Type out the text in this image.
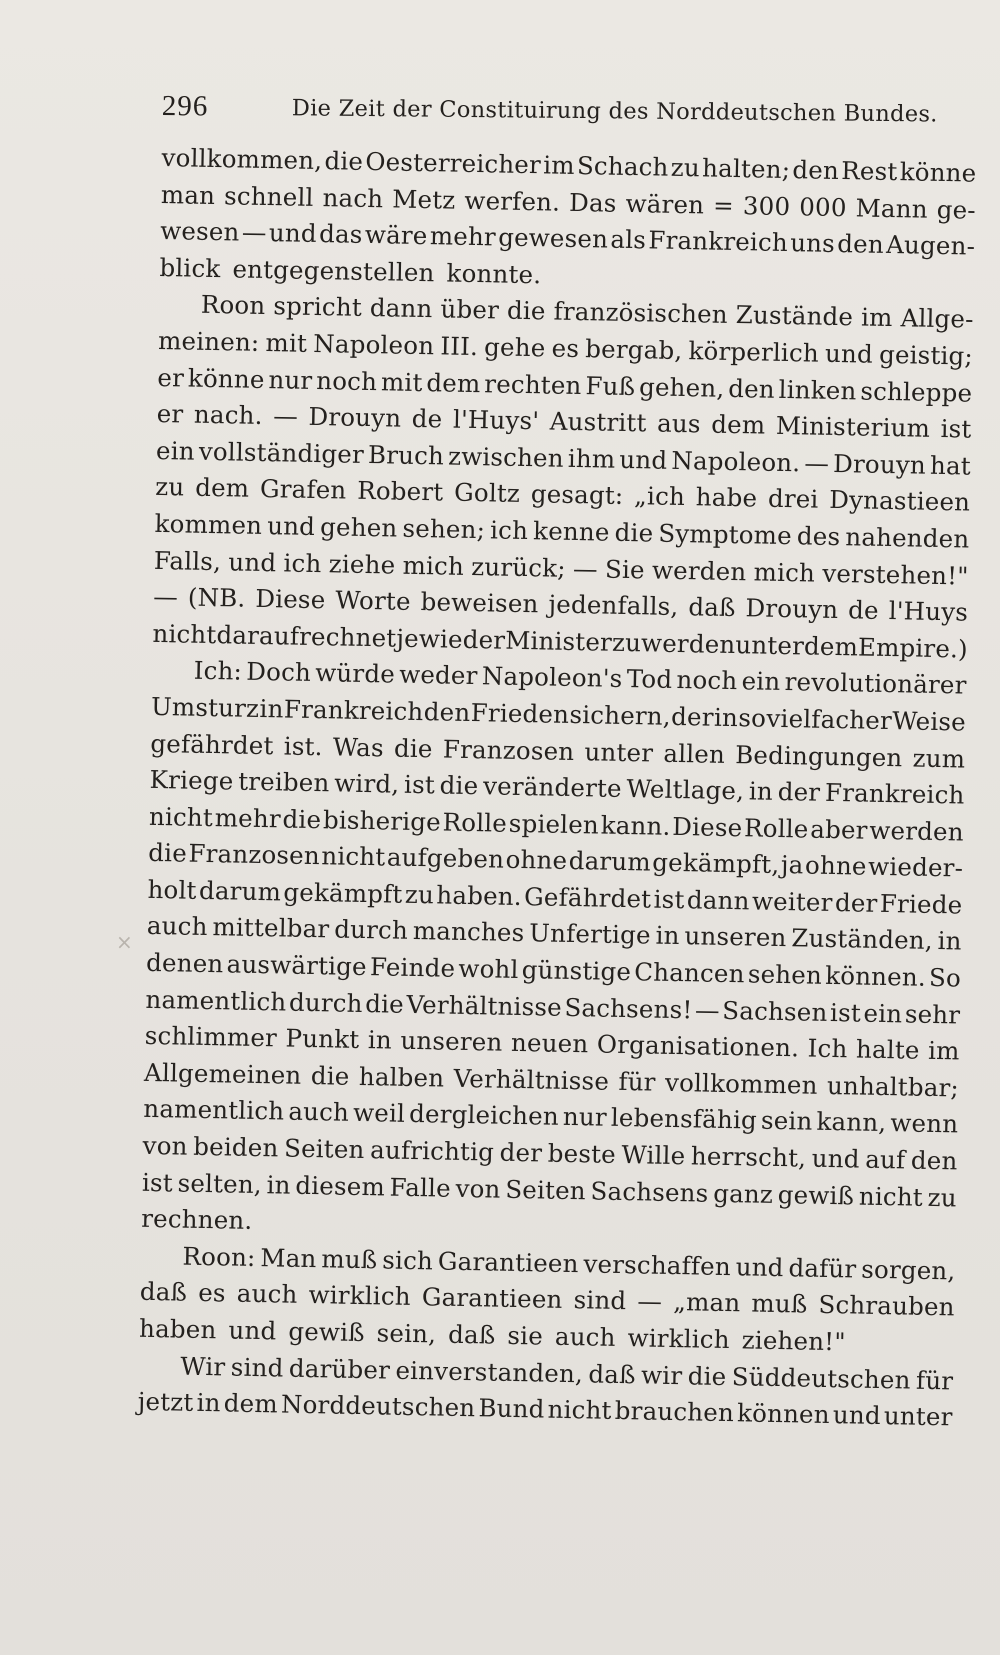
296	Die Zeit der Constituirung des Norddeutschen Bundes.
×
vollkommen, die Oesterreicher im Schach zu halten; den Rest könne
man schnell nach Metz werfen. Das wären = 300 000 Mann ge-
wesen — und das wäre mehr gewesen als Frankreich uns den Augen-
blick entgegenstellen konnte.
Roon spricht dann über die französischen Zustände im Allge-
meinen: mit Napoleon III. gehe es bergab, körperlich und geistig;
er könne nur noch mit dem rechten Fuß gehen, den linken schleppe
er nach. — Drouyn de l'Huys' Austritt aus dem Ministerium ist
ein vollständiger Bruch zwischen ihm und Napoleon. — Drouyn hat
zu dem Grafen Robert Goltz gesagt: „ich habe drei Dynastieen
kommen und gehen sehen; ich kenne die Symptome des nahenden
Falls, und ich ziehe mich zurück; — Sie werden mich verstehen!"
— (NB. Diese Worte beweisen jedenfalls, daß Drouyn de l'Huys
nicht darauf rechnet je wieder Minister zu werden unter dem Empire.)
Ich: Doch würde weder Napoleon's Tod noch ein revolutionärer
Umsturz in Frankreich den Frieden sichern, der in so vielfacher Weise
gefährdet ist. Was die Franzosen unter allen Bedingungen zum
Kriege treiben wird, ist die veränderte Weltlage, in der Frankreich
nicht mehr die bisherige Rolle spielen kann. Diese Rolle aber werden
die Franzosen nicht aufgeben ohne darum gekämpft, ja ohne wieder-
holt darum gekämpft zu haben. Gefährdet ist dann weiter der Friede
auch mittelbar durch manches Unfertige in unseren Zuständen, in
denen auswärtige Feinde wohl günstige Chancen sehen können. So
namentlich durch die Verhältnisse Sachsens! — Sachsen ist ein sehr
schlimmer Punkt in unseren neuen Organisationen. Ich halte im
Allgemeinen die halben Verhältnisse für vollkommen unhaltbar;
namentlich auch weil dergleichen nur lebensfähig sein kann, wenn
von beiden Seiten aufrichtig der beste Wille herrscht, und auf den
ist selten, in diesem Falle von Seiten Sachsens ganz gewiß nicht zu
rechnen.
Roon: Man muß sich Garantieen verschaffen und dafür sorgen,
daß es auch wirklich Garantieen sind — „man muß Schrauben
haben und gewiß sein, daß sie auch wirklich ziehen!"
Wir sind darüber einverstanden, daß wir die Süddeutschen für
jetzt in dem Norddeutschen Bund nicht brauchen können und unter
